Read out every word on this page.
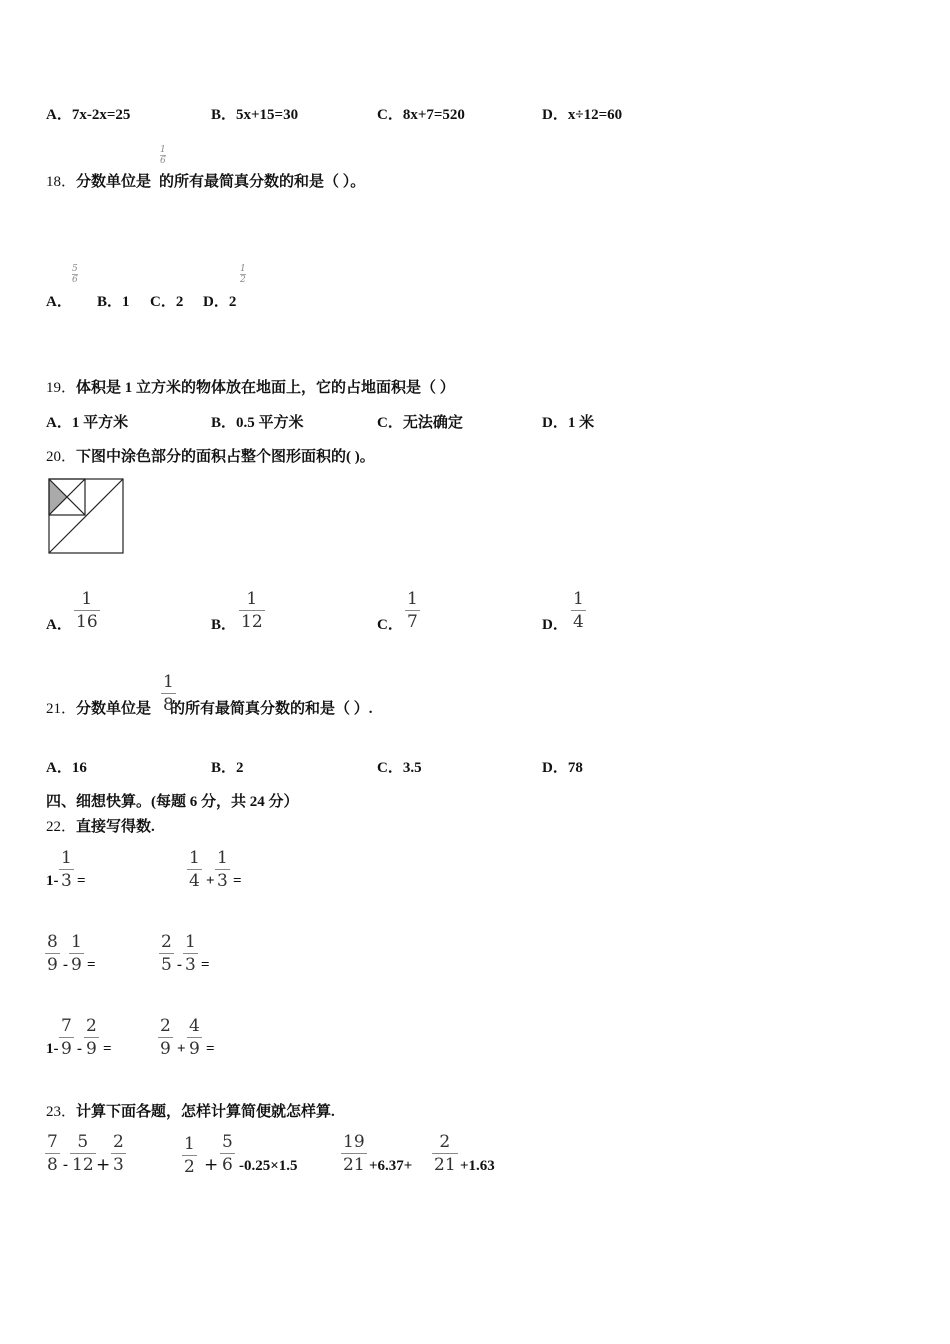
A．7x-2x=25	B．5x+15=30	C．8x+7=520	D．x÷12=60
18．分数单位是 的所有最简真分数的和是（ ）。
$\frac{1}{6}$
A．
$\frac{5}{6}$
B．1 C．2 D．2
$\frac{1}{2}$
19．体积是 1 立方米的物体放在地面上，它的占地面积是（ ）
A．1 平方米	B．0.5 平方米	C．无法确定	D．1 米
20．下图中涂色部分的面积占整个图形面积的( )。
A． $\frac{1}{16}$	B． $\frac{1}{12}$	C． $\frac{1}{7}$	D． $\frac{1}{4}$
21．分数单位是 的所有最简真分数的和是（ ）.
$\frac{1}{8}$
A．16	B．2	C．3.5	D．78
四、细想快算。(每题 6 分，共 24 分）
22．直接写得数.
$1- \frac{1}{3}$ =	$\frac{1}{4} + \frac{1}{3}$ =
$\frac{8}{9} - \frac{1}{9}$ =	$\frac{2}{5} - \frac{1}{3}$ =
$1- \frac{7}{9} - \frac{2}{9}$ =	$\frac{2}{9} + \frac{4}{9}$ =
23．计算下面各题，怎样计算简便就怎样算.
$\frac{7}{8} - \frac{5}{12} + \frac{2}{3}$	$\frac{1}{2} + \frac{5}{6} -0.25\times 1.5$	$\frac{19}{21} +6.37+ \frac{2}{21} +1.63$
